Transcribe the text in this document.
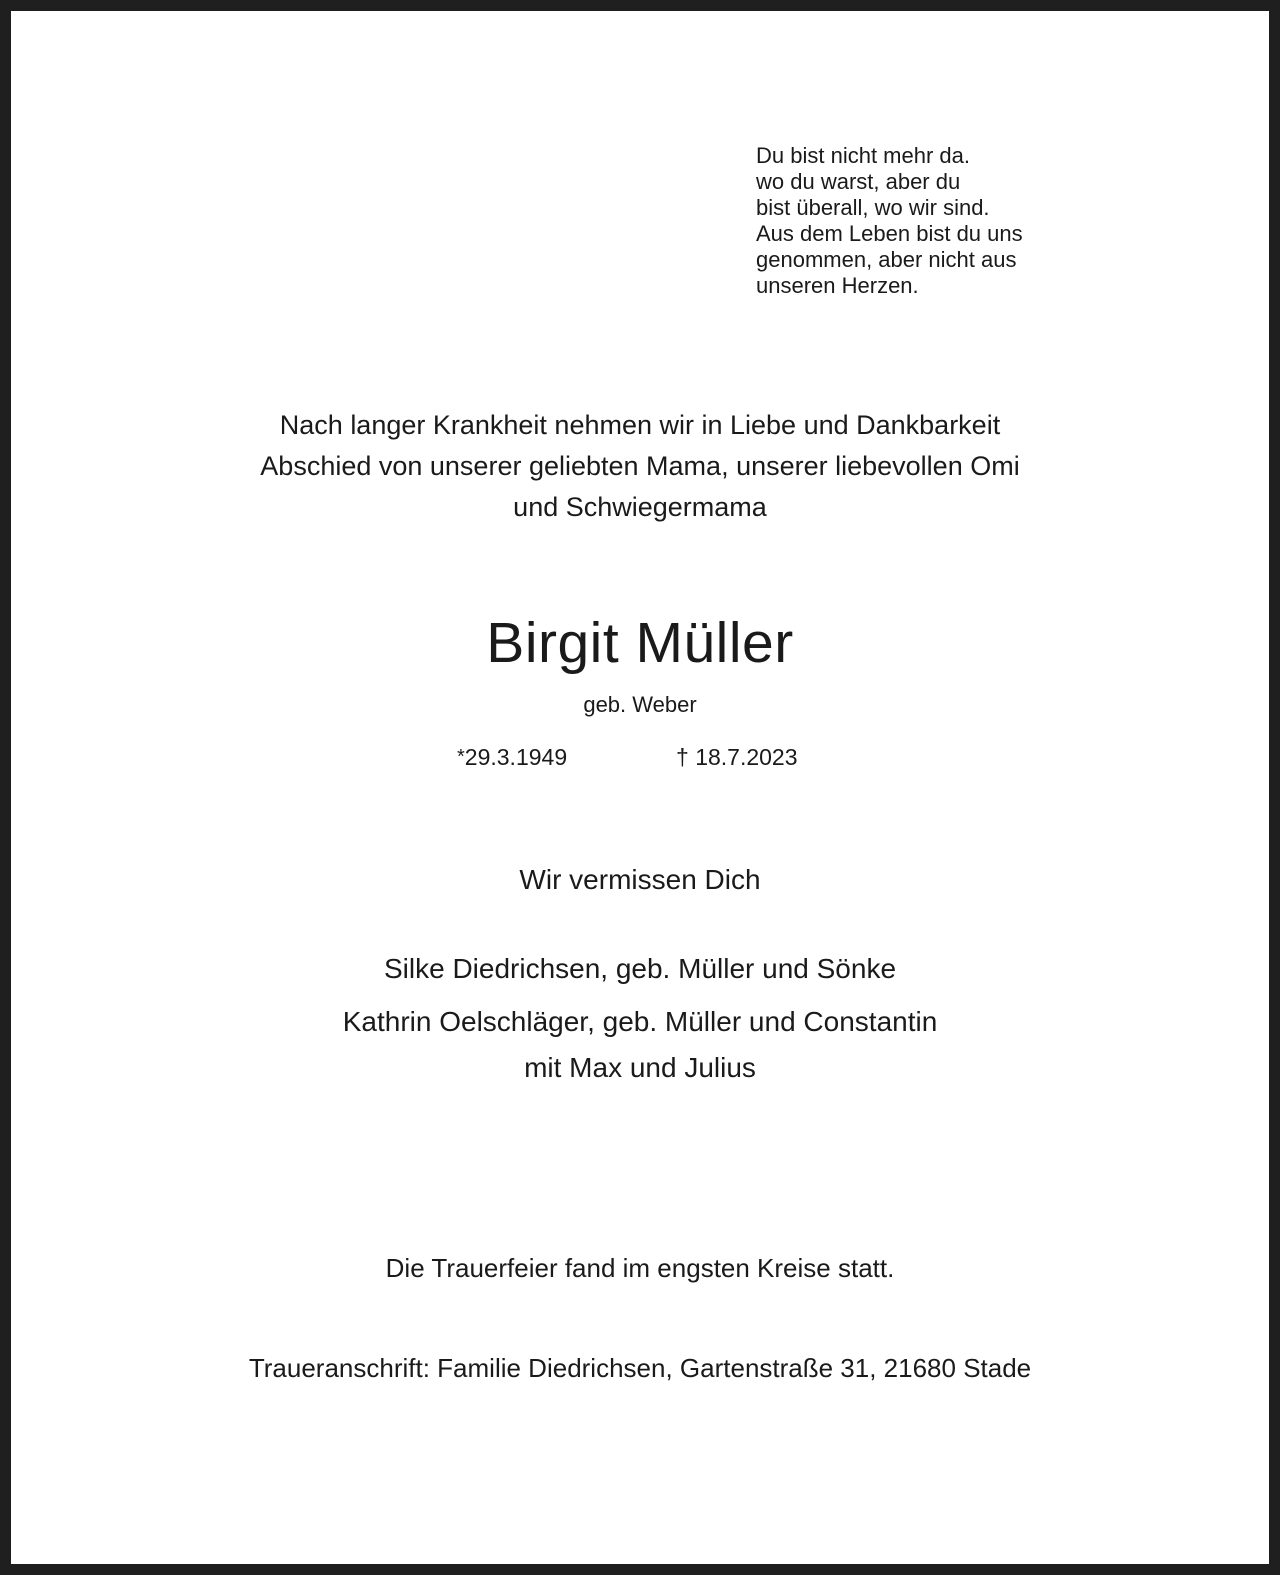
Du bist nicht mehr da.
wo du warst, aber du
bist überall, wo wir sind.
Aus dem Leben bist du uns
genommen, aber nicht aus
unseren Herzen.
Nach langer Krankheit nehmen wir in Liebe und Dankbarkeit
Abschied von unserer geliebten Mama, unserer liebevollen Omi
und Schwiegermama
Birgit Müller
geb. Weber
*29.3.1949	† 18.7.2023
Wir vermissen Dich
Silke Diedrichsen, geb. Müller und Sönke
Kathrin Oelschläger, geb. Müller und Constantin
mit Max und Julius
Die Trauerfeier fand im engsten Kreise statt.
Traueranschrift: Familie Diedrichsen, Gartenstraße 31, 21680 Stade
